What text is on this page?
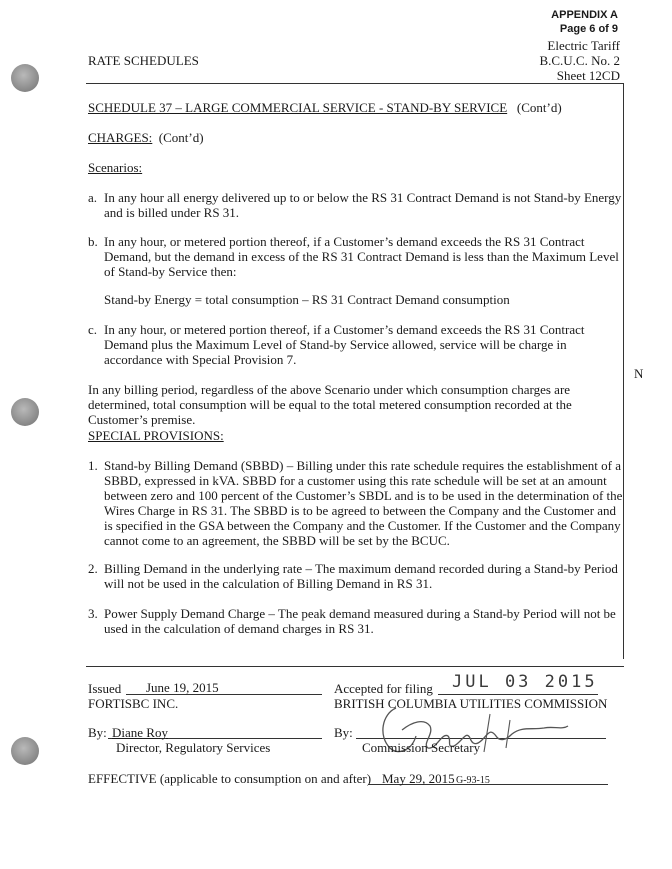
APPENDIX A
Page 6 of 9
Electric Tariff
B.C.U.C. No. 2
Sheet 12CD
RATE SCHEDULES
SCHEDULE 37 – LARGE COMMERCIAL SERVICE - STAND-BY SERVICE (Cont’d)
CHARGES: (Cont’d)
Scenarios:
a. In any hour all energy delivered up to or below the RS 31 Contract Demand is not Stand-by Energy and is billed under RS 31.
b. In any hour, or metered portion thereof, if a Customer’s demand exceeds the RS 31 Contract Demand, but the demand in excess of the RS 31 Contract Demand is less than the Maximum Level of Stand-by Service then:
Stand-by Energy = total consumption – RS 31 Contract Demand consumption
c. In any hour, or metered portion thereof, if a Customer’s demand exceeds the RS 31 Contract Demand plus the Maximum Level of Stand-by Service allowed, service will be charge in accordance with Special Provision 7.
N
In any billing period, regardless of the above Scenario under which consumption charges are determined, total consumption will be equal to the total metered consumption recorded at the Customer’s premise.
SPECIAL PROVISIONS:
1. Stand-by Billing Demand (SBBD) – Billing under this rate schedule requires the establishment of a SBBD, expressed in kVA. SBBD for a customer using this rate schedule will be set at an amount between zero and 100 percent of the Customer’s SBDL and is to be used in the determination of the Wires Charge in RS 31. The SBBD is to be agreed to between the Company and the Customer and is specified in the GSA between the Company and the Customer. If the Customer and the Company cannot come to an agreement, the SBBD will be set by the BCUC.
2. Billing Demand in the underlying rate – The maximum demand recorded during a Stand-by Period will not be used in the calculation of Billing Demand in RS 31.
3. Power Supply Demand Charge – The peak demand measured during a Stand-by Period will not be used in the calculation of demand charges in RS 31.
Issued June 19, 2015
FORTISBC INC.
By: Diane Roy
Director, Regulatory Services
Accepted for filing JUL 03 2015
BRITISH COLUMBIA UTILITIES COMMISSION
By:
Commission Secretary
EFFECTIVE (applicable to consumption on and after) May 29, 2015 G-93-15
